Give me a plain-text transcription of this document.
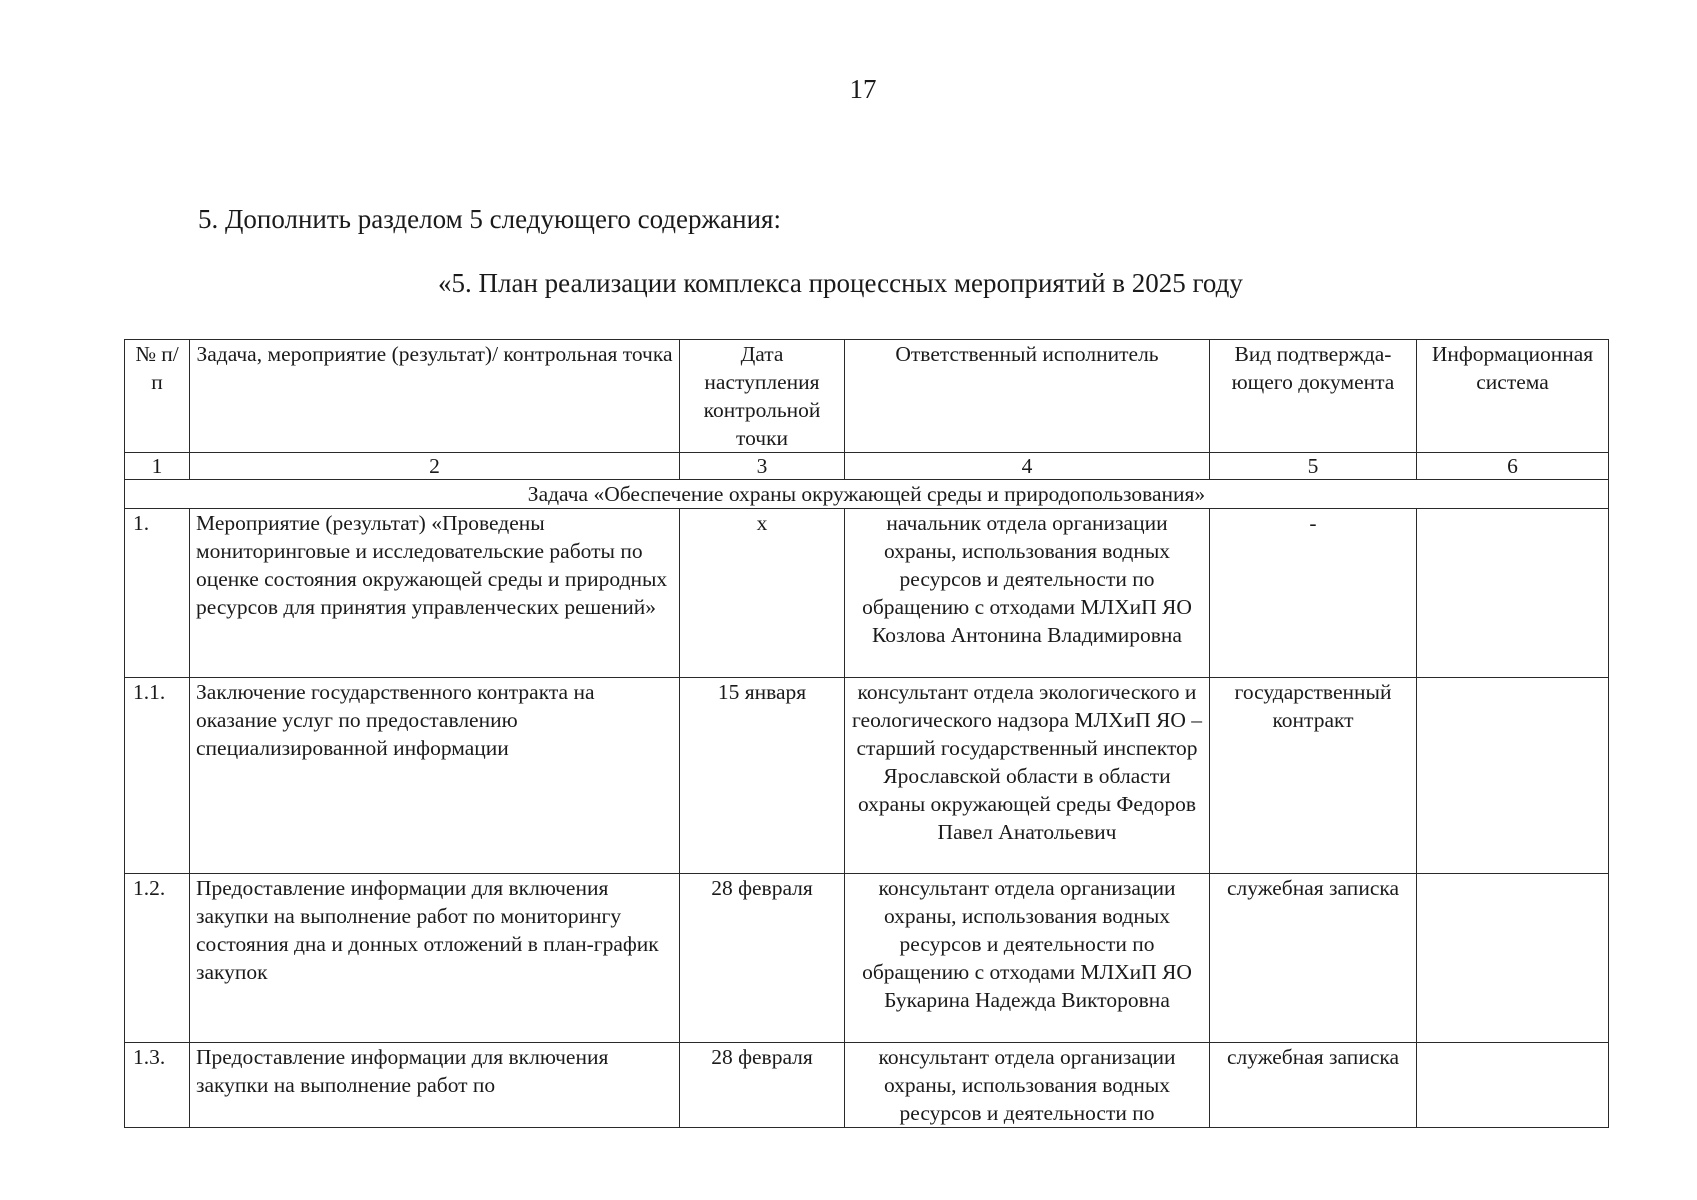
17
5. Дополнить разделом 5 следующего содержания:
«5. План реализации комплекса процессных мероприятий в 2025 году
№ п/п	Задача, мероприятие (результат)/ контрольная точка	Дата наступления контрольной точки	Ответственный исполнитель	Вид подтвержда- ющего документа	Информационная система
1	2	3	4	5	6
Задача «Обеспечение охраны окружающей среды и природопользования»					
1.	Мероприятие (результат) «Проведены мониторинговые и исследовательские работы по оценке состояния окружающей среды и природных ресурсов для принятия управленческих решений»	x	начальник отдела организации охраны, использования водных ресурсов и деятельности по обращению с отходами МЛХиП ЯО Козлова Антонина Владимировна	-	
1.1.	Заключение государственного контракта на оказание услуг по предоставлению специализированной информации	15 января	консультант отдела экологического и геологического надзора МЛХиП ЯО – старший государственный инспектор Ярославской области в области охраны окружающей среды Федоров Павел Анатольевич	государственный контракт	
1.2.	Предоставление информации для включения закупки на выполнение работ по мониторингу состояния дна и донных отложений в план-график закупок	28 февраля	консультант отдела организации охраны, использования водных ресурсов и деятельности по обращению с отходами МЛХиП ЯО Букарина Надежда Викторовна	служебная записка	
1.3.	Предоставление информации для включения закупки на выполнение работ по	28 февраля	консультант отдела организации охраны, использования водных ресурсов и деятельности по	служебная записка	
